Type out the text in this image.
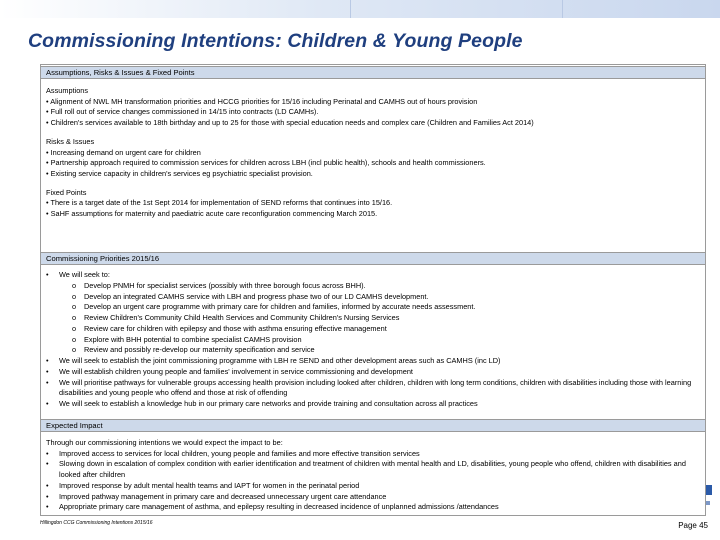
Commissioning Intentions: Children & Young People
Assumptions, Risks & Issues & Fixed Points
Assumptions
• Alignment of NWL MH transformation priorities and HCCG priorities for 15/16 including Perinatal and CAMHS out of hours provision
• Full roll out of service changes commissioned in 14/15 into contracts (LD CAMHs).
• Children's services available to 18th birthday and up to 25 for those with special education needs and complex care (Children and Families Act 2014)
Risks & Issues
• Increasing demand on urgent care for children
• Partnership approach required to commission services for children across LBH (incl public health), schools and health commissioners.
• Existing service capacity in children's services eg psychiatric specialist provision.
Fixed Points
• There is a target date of the 1st Sept 2014 for implementation of SEND reforms that continues into 15/16.
• SaHF assumptions for maternity and paediatric acute care reconfiguration commencing March 2015.
Commissioning Priorities 2015/16
• We will seek to:
o Develop PNMH for specialist services (possibly with three borough focus across BHH).
o Develop an integrated CAMHS service with LBH and progress phase two of our LD CAMHS development.
o Develop an urgent care programme with primary care for children and families, informed by accurate needs assessment.
o Review Children's Community Child Health Services and Community Children's Nursing Services
o Review care for children with epilepsy and those with asthma ensuring effective management
o Explore with BHH potential to combine specialist CAMHS provision
o Review and possibly re-develop our maternity specification and service
• We will seek to establish the joint commissioning programme with LBH re SEND and other development areas such as CAMHS (inc LD)
• We will establish children young people and families' involvement in service commissioning and development
• We will prioritise pathways for vulnerable groups accessing health provision including looked after children, children with long term conditions, children with disabilities including those with learning disabilities and young people who offend and those at risk of offending
• We will seek to establish a knowledge hub in our primary care networks and provide training and consultation across all practices
Expected Impact
Through our commissioning intentions we would expect the impact to be:
• Improved access to services for local children, young people and families and more effective transition services
• Slowing down in escalation of complex condition with earlier identification and treatment of children with mental health and LD, disabilities, young people who offend, children with disabilities and looked after children
• Improved response by adult mental health teams and IAPT for women in the perinatal period
• Improved pathway management in primary care and decreased unnecessary urgent care attendance
• Appropriate primary care management of asthma, and epilepsy resulting in decreased incidence of unplanned admissions /attendances
Hillingdon CCG Commissioning Intentions 2015/16	Page 45
